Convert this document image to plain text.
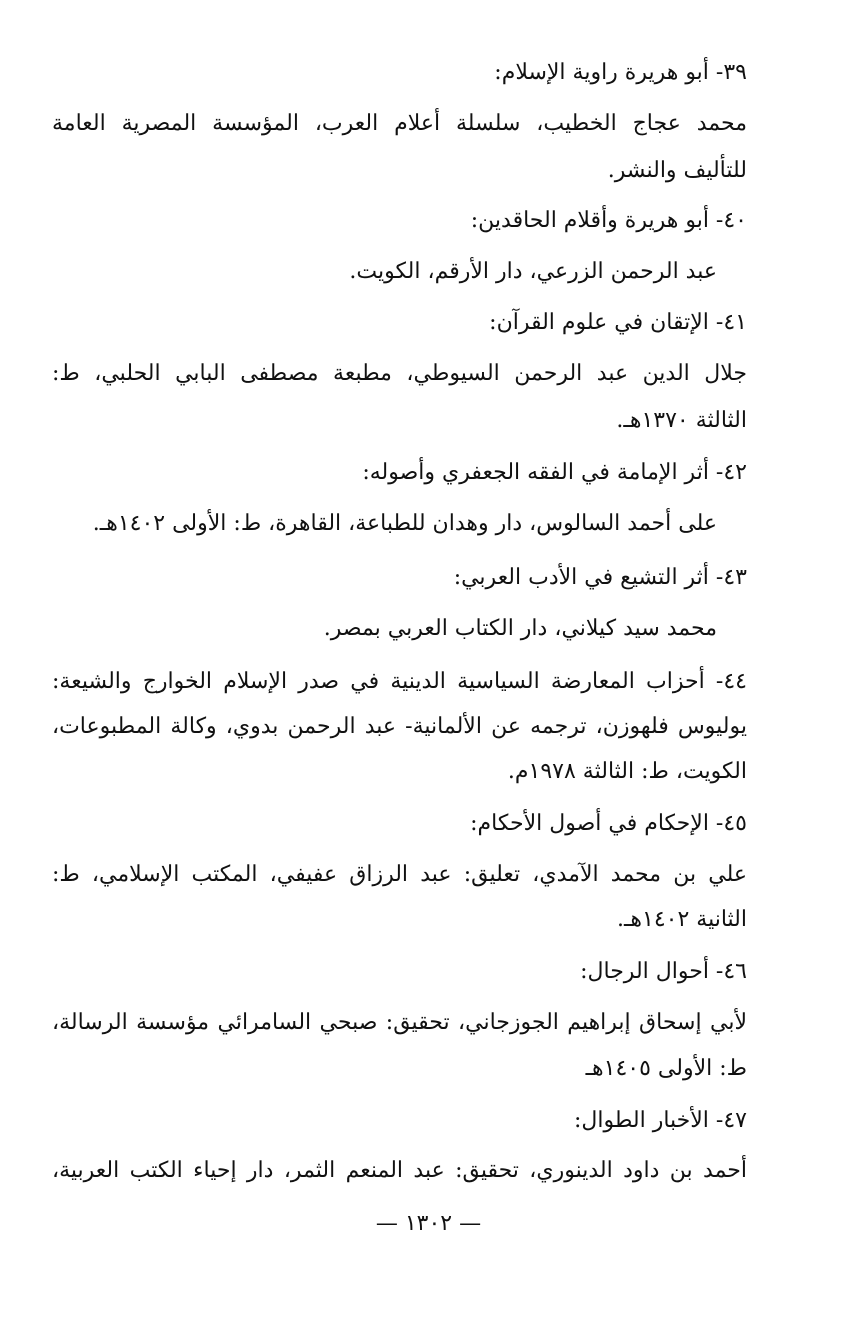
٣٩- أبو هريرة راوية الإسلام:
محمد عجاج الخطيب، سلسلة أعلام العرب، المؤسسة المصرية العامة
للتأليف والنشر.
٤٠- أبو هريرة وأقلام الحاقدين:
عبد الرحمن الزرعي، دار الأرقم، الكويت.
٤١- الإتقان في علوم القرآن:
جلال الدين عبد الرحمن السيوطي، مطبعة مصطفى البابي الحلبي، ط:
الثالثة ١٣٧٠هـ.
٤٢- أثر الإمامة في الفقه الجعفري وأصوله:
على أحمد السالوس، دار وهدان للطباعة، القاهرة، ط: الأولى ١٤٠٢هـ.
٤٣- أثر التشيع في الأدب العربي:
محمد سيد كيلاني، دار الكتاب العربي بمصر.
٤٤- أحزاب المعارضة السياسية الدينية في صدر الإسلام الخوارج والشيعة:
يوليوس فلهوزن، ترجمه عن الألمانية- عبد الرحمن بدوي، وكالة المطبوعات،
الكويت، ط: الثالثة ١٩٧٨م.
٤٥- الإحكام في أصول الأحكام:
علي بن محمد الآمدي، تعليق: عبد الرزاق عفيفي، المكتب الإسلامي، ط:
الثانية ١٤٠٢هـ.
٤٦- أحوال الرجال:
لأبي إسحاق إبراهيم الجوزجاني، تحقيق: صبحي السامرائي مؤسسة الرسالة،
ط: الأولى ١٤٠٥هـ
٤٧- الأخبار الطوال:
أحمد بن داود الدينوري، تحقيق: عبد المنعم الثمر، دار إحياء الكتب العربية،
— ١٣٠٢ —
